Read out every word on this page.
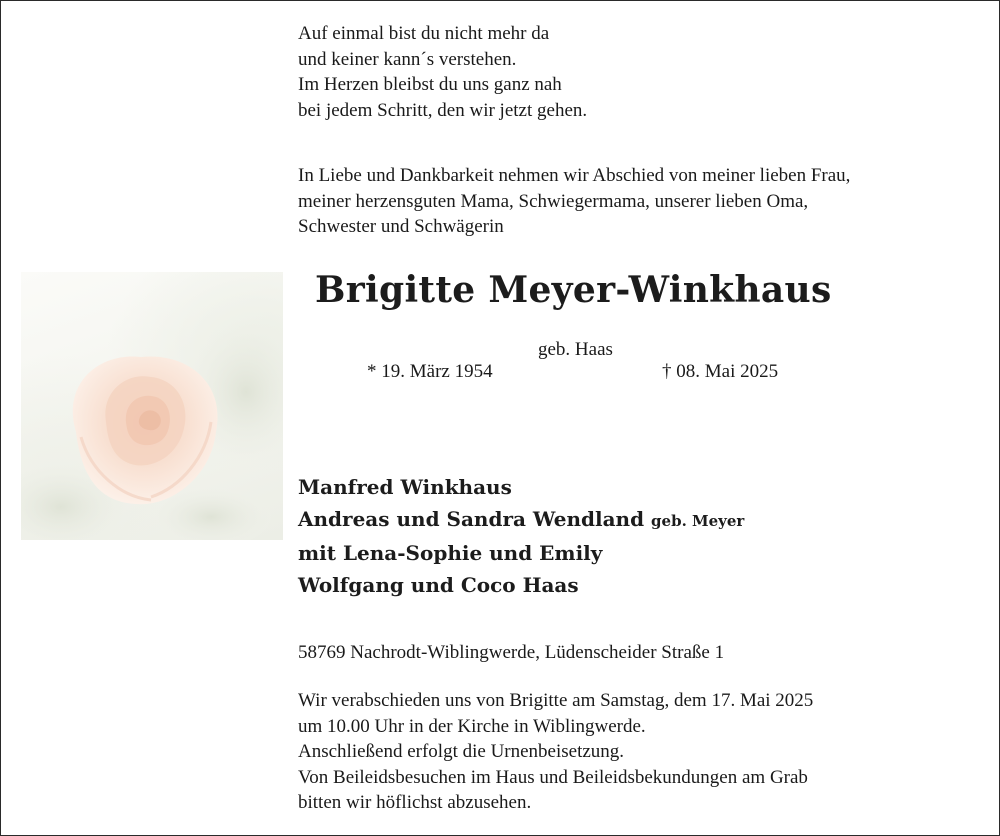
Auf einmal bist du nicht mehr da
und keiner kann´s verstehen.
Im Herzen bleibst du uns ganz nah
bei jedem Schritt, den wir jetzt gehen.
In Liebe und Dankbarkeit nehmen wir Abschied von meiner lieben Frau,
meiner herzensguten Mama, Schwiegermama, unserer lieben Oma,
Schwester und Schwägerin
Brigitte Meyer-Winkhaus
geb. Haas
* 19. März 1954	† 08. Mai 2025
Manfred Winkhaus
Andreas und Sandra Wendland geb. Meyer
mit Lena-Sophie und Emily
Wolfgang und Coco Haas
58769 Nachrodt-Wiblingwerde, Lüdenscheider Straße 1
Wir verabschieden uns von Brigitte am Samstag, dem 17. Mai 2025
um 10.00 Uhr in der Kirche in Wiblingwerde.
Anschließend erfolgt die Urnenbeisetzung.
Von Beileidsbesuchen im Haus und Beileidsbekundungen am Grab
bitten wir höflichst abzusehen.
